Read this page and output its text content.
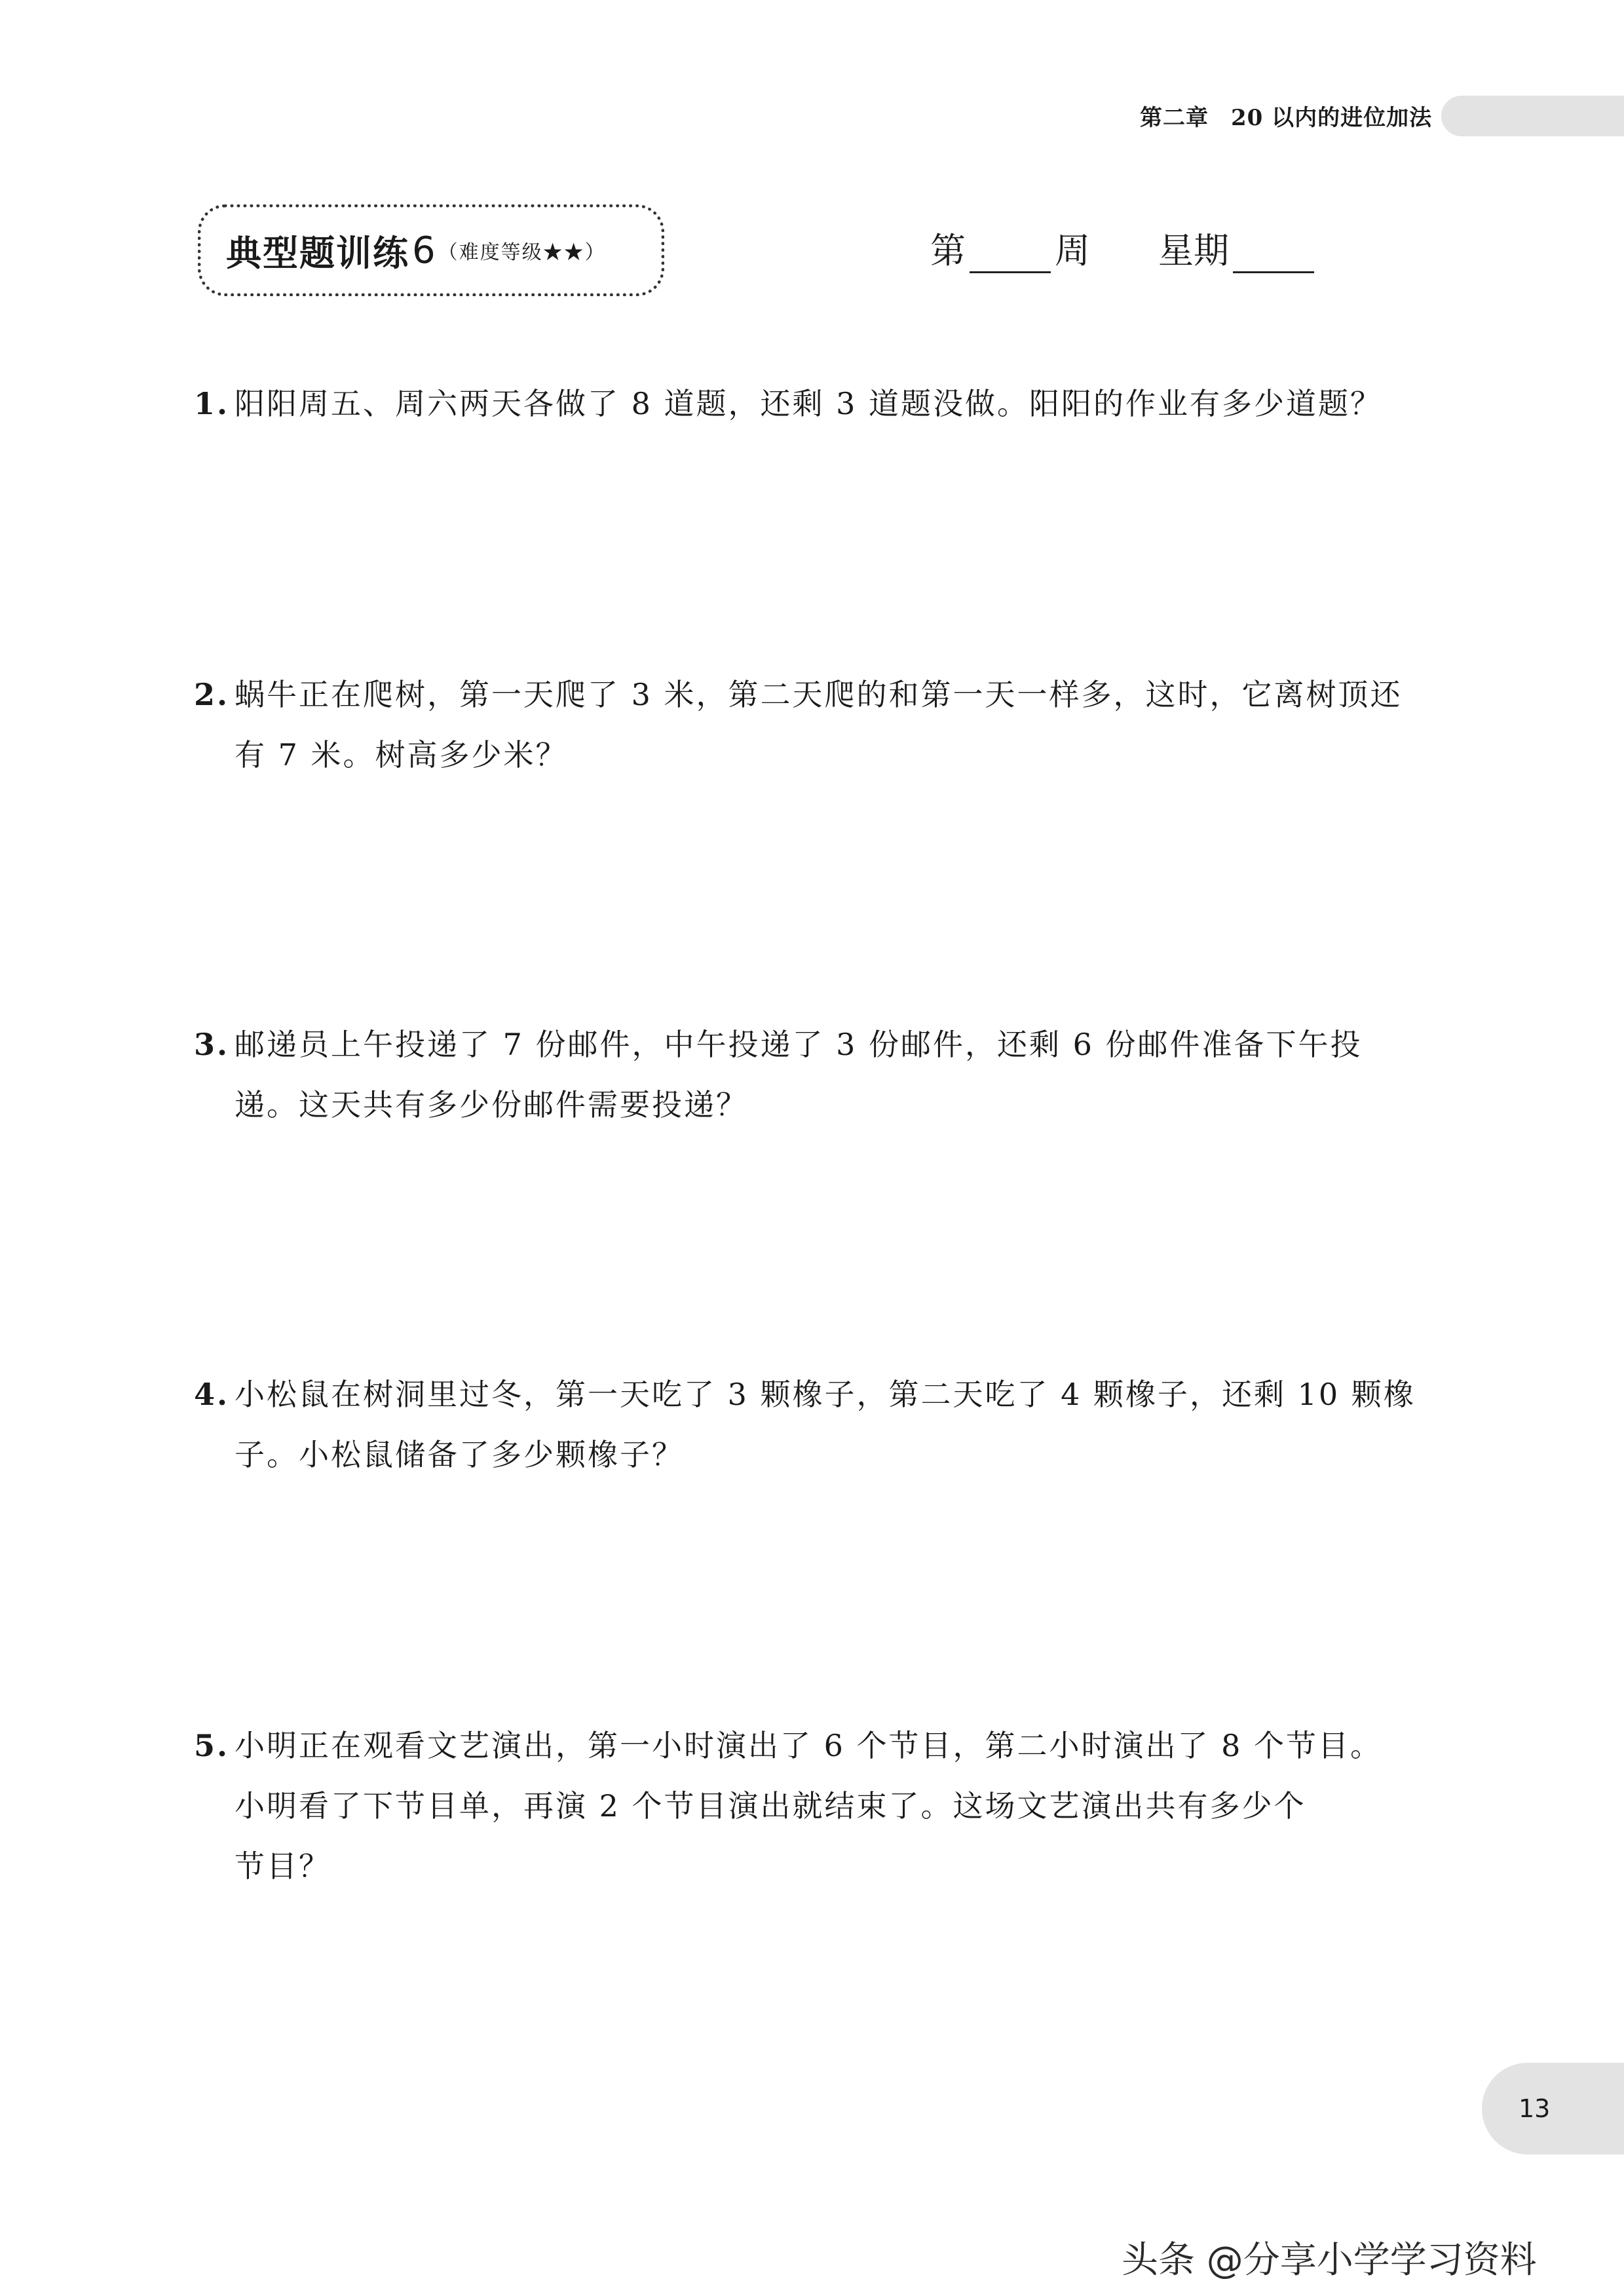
第二章 20 以内的进位加法
典型题训练 6 （难度等级★★）	第	周 星期
1. 阳阳周五、周六两天各做了 8 道题，还剩 3 道题没做。阳阳的作业有多少道题？
2. 蜗牛正在爬树，第一天爬了 3 米，第二天爬的和第一天一样多，这时，它离树顶还
有 7 米。树高多少米？
3. 邮递员上午投递了 7 份邮件，中午投递了 3 份邮件，还剩 6 份邮件准备下午投
递。这天共有多少份邮件需要投递？
4. 小松鼠在树洞里过冬，第一天吃了 3 颗橡子，第二天吃了 4 颗橡子，还剩 10 颗橡
子。小松鼠储备了多少颗橡子？
5. 小明正在观看文艺演出，第一小时演出了 6 个节目，第二小时演出了 8 个节目。
小明看了下节目单，再演 2 个节目演出就结束了。这场文艺演出共有多少个
节目？
13
头条 @分享小学学习资料
